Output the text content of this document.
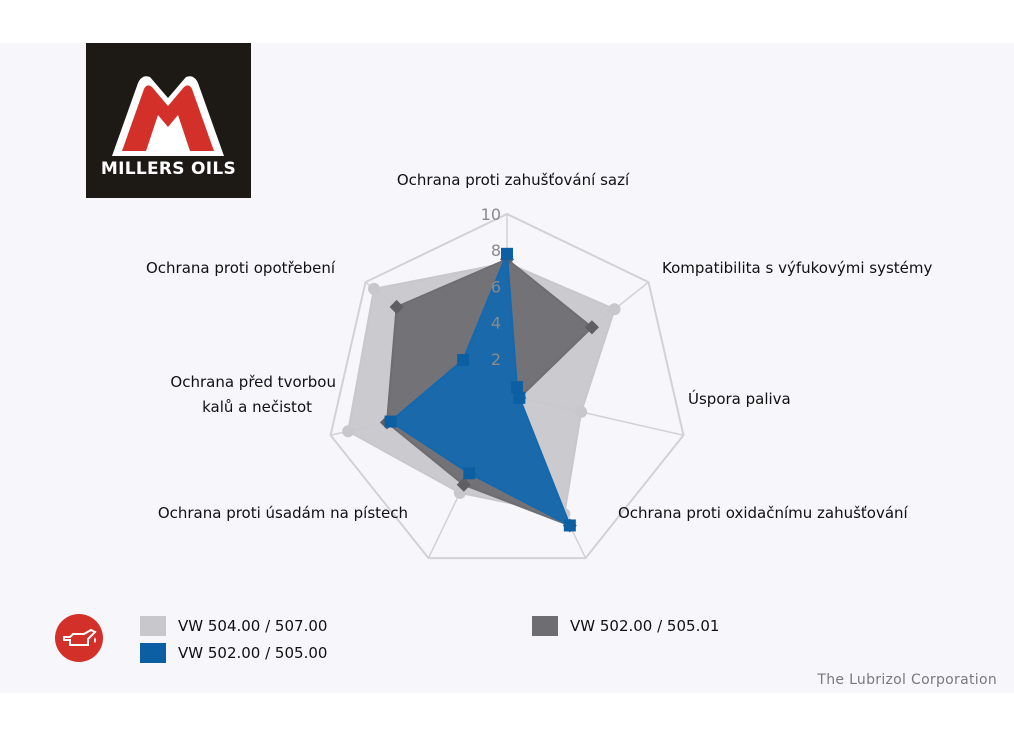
MILLERS OILS
2
4
6
8
10
Ochrana proti zahušťování sazí
Kompatibilita s výfukovými systémy
Úspora paliva
Ochrana proti oxidačnímu zahušťování
Ochrana proti úsadám na pístech
Ochrana před tvorbou
kalů a nečistot
Ochrana proti opotřebení
VW 504.00 / 507.00	VW 502.00 / 505.01
VW 502.00 / 505.00
The Lubrizol Corporation
